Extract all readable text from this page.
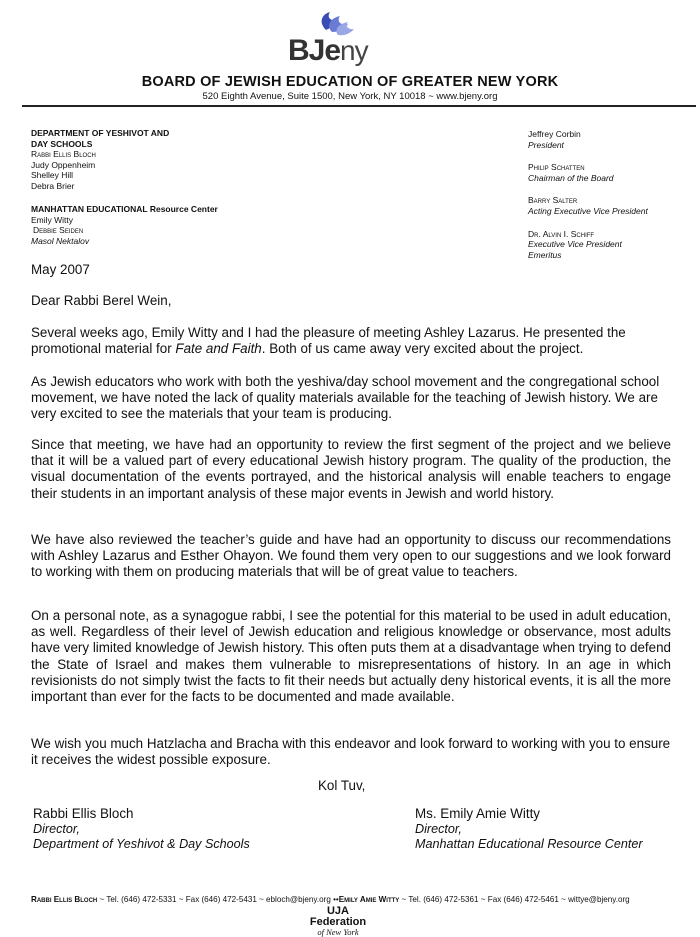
BJeny
BOARD OF JEWISH EDUCATION OF GREATER NEW YORK
520 Eighth Avenue, Suite 1500, New York, NY 10018 ~ www.bjeny.org
DEPARTMENT OF YESHIVOT AND
DAY SCHOOLS
Rabbi Ellis Bloch
Judy Oppenheim
Shelley Hill
Debra Brier
MANHATTAN EDUCATIONAL Resource Center
Emily Witty
Debbie Seiden
Masol Nektalov
Jeffrey Corbin
President
Philip Schatten
Chairman of the Board
Barry Salter
Acting Executive Vice President
Dr. Alvin I. Schiff
Executive Vice President
Emeritus
May 2007
Dear Rabbi Berel Wein,
Several weeks ago, Emily Witty and I had the pleasure of meeting Ashley Lazarus. He presented the promotional material for Fate and Faith. Both of us came away very excited about the project.
As Jewish educators who work with both the yeshiva/day school movement and the congregational school movement, we have noted the lack of quality materials available for the teaching of Jewish history. We are very excited to see the materials that your team is producing.
Since that meeting, we have had an opportunity to review the first segment of the project and we believe that it will be a valued part of every educational Jewish history program. The quality of the production, the visual documentation of the events portrayed, and the historical analysis will enable teachers to engage their students in an important analysis of these major events in Jewish and world history.
We have also reviewed the teacher’s guide and have had an opportunity to discuss our recommendations with Ashley Lazarus and Esther Ohayon. We found them very open to our suggestions and we look forward to working with them on producing materials that will be of great value to teachers.
On a personal note, as a synagogue rabbi, I see the potential for this material to be used in adult education, as well. Regardless of their level of Jewish education and religious knowledge or observance, most adults have very limited knowledge of Jewish history. This often puts them at a disadvantage when trying to defend the State of Israel and makes them vulnerable to misrepresentations of history. In an age in which revisionists do not simply twist the facts to fit their needs but actually deny historical events, it is all the more important than ever for the facts to be documented and made available.
We wish you much Hatzlacha and Bracha with this endeavor and look forward to working with you to ensure it receives the widest possible exposure.
Kol Tuv,
Rabbi Ellis Bloch
Director,
Department of Yeshivot & Day Schools
Ms. Emily Amie Witty
Director,
Manhattan Educational Resource Center
Rabbi Ellis Bloch ~ Tel. (646) 472-5331 ~ Fax (646) 472-5431 ~ ebloch@bjeny.org ••Emily Amie Witty ~ Tel. (646) 472-5361 ~ Fax (646) 472-5461 ~ wittye@bjeny.org
UJA Federation
of New York
